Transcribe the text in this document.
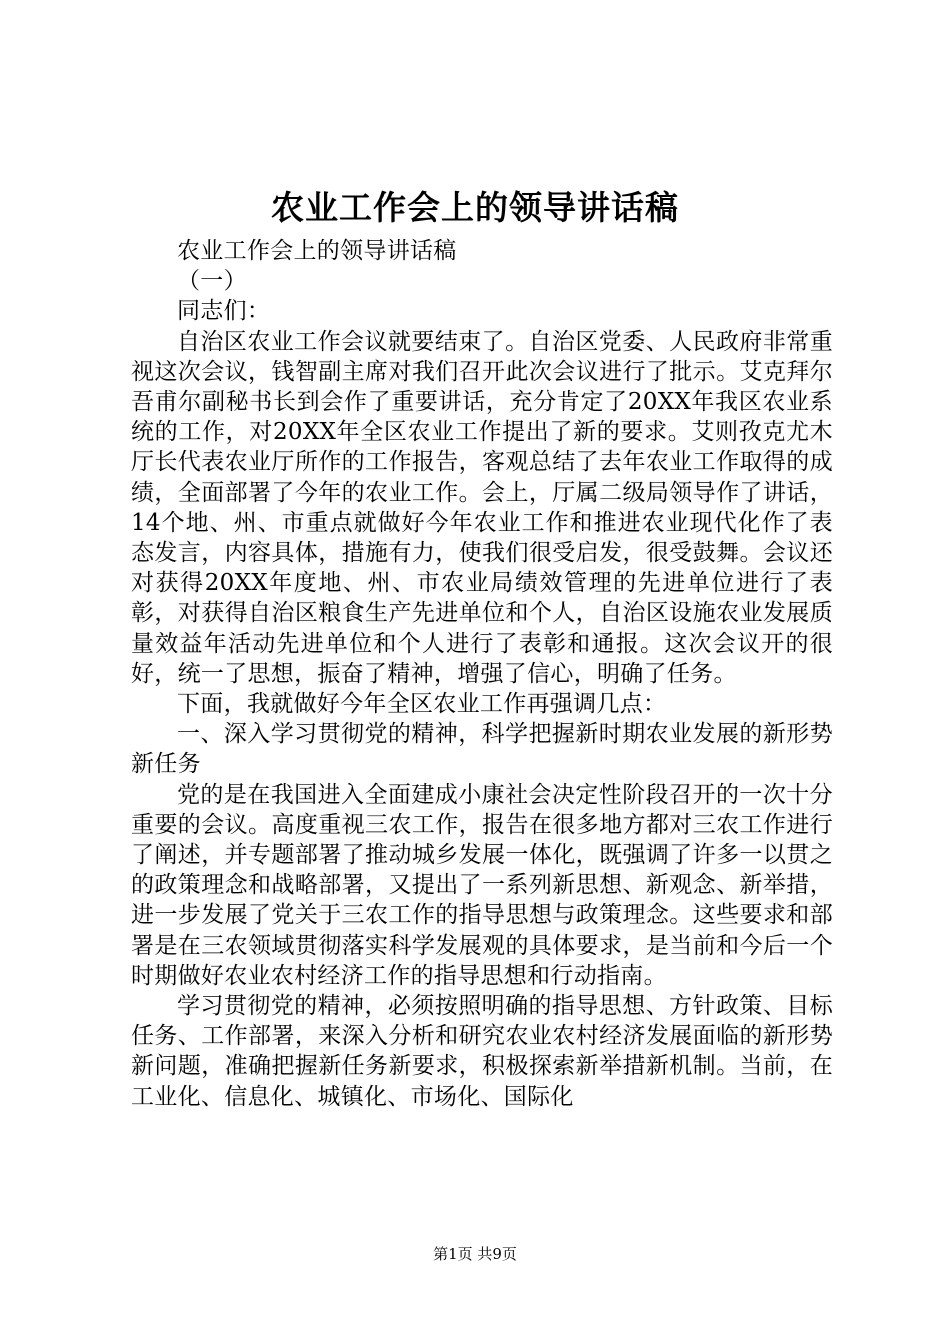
农业工作会上的领导讲话稿

农业工作会上的领导讲话稿

（一）

同志们：

自治区农业工作会议就要结束了。自治区党委、人民政府非常重视这次会议，钱智副主席对我们召开此次会议进行了批示。艾克拜尔吾甫尔副秘书长到会作了重要讲话，充分肯定了20XX年我区农业系统的工作，对20XX年全区农业工作提出了新的要求。艾则孜克尤木厅长代表农业厅所作的工作报告，客观总结了去年农业工作取得的成绩，全面部署了今年的农业工作。会上，厅属二级局领导作了讲话，14个地、州、市重点就做好今年农业工作和推进农业现代化作了表态发言，内容具体，措施有力，使我们很受启发，很受鼓舞。会议还对获得20XX年度地、州、市农业局绩效管理的先进单位进行了表彰，对获得自治区粮食生产先进单位和个人，自治区设施农业发展质量效益年活动先进单位和个人进行了表彰和通报。这次会议开的很好，统一了思想，振奋了精神，增强了信心，明确了任务。

下面，我就做好今年全区农业工作再强调几点：

一、深入学习贯彻党的精神，科学把握新时期农业发展的新形势新任务

党的是在我国进入全面建成小康社会决定性阶段召开的一次十分重要的会议。高度重视三农工作，报告在很多地方都对三农工作进行了阐述，并专题部署了推动城乡发展一体化，既强调了许多一以贯之的政策理念和战略部署，又提出了一系列新思想、新观念、新举措，进一步发展了党关于三农工作的指导思想与政策理念。这些要求和部署是在三农领域贯彻落实科学发展观的具体要求，是当前和今后一个时期做好农业农村经济工作的指导思想和行动指南。

学习贯彻党的精神，必须按照明确的指导思想、方针政策、目标任务、工作部署，来深入分析和研究农业农村经济发展面临的新形势新问题，准确把握新任务新要求，积极探索新举措新机制。当前，在工业化、信息化、城镇化、市场化、国际化

第1页 共9页
